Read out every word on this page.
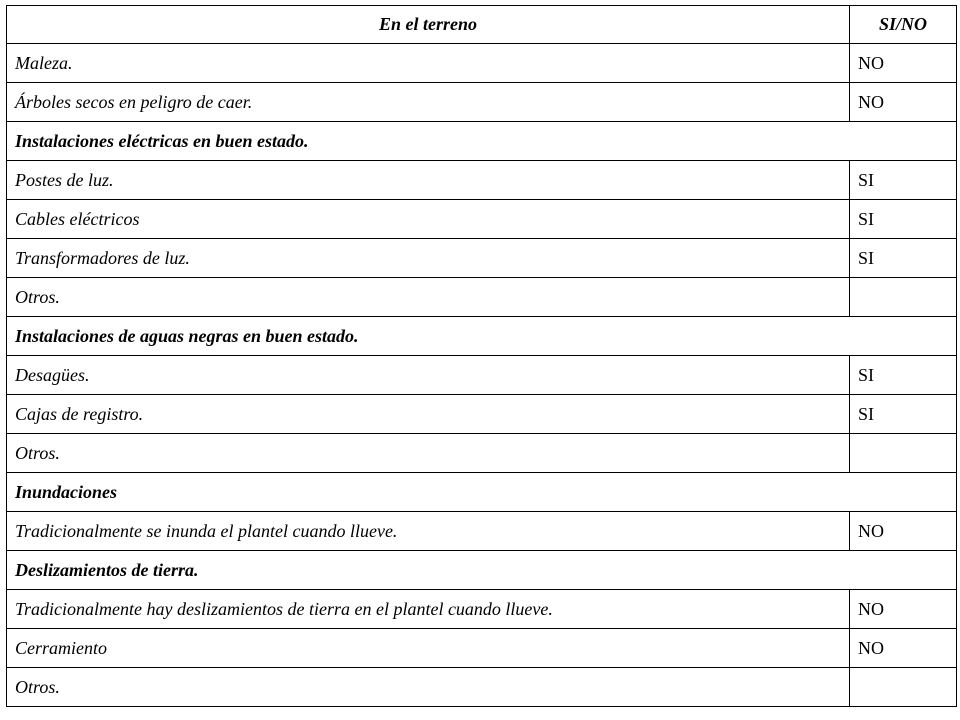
En el terreno	SI/NO
Maleza.	NO
Árboles secos en peligro de caer.	NO
Instalaciones eléctricas en buen estado.	
Postes de luz.	SI
Cables eléctricos	SI
Transformadores de luz.	SI
Otros.	
Instalaciones de aguas negras en buen estado.	
Desagües.	SI
Cajas de registro.	SI
Otros.	
Inundaciones	
Tradicionalmente se inunda el plantel cuando llueve.	NO
Deslizamientos de tierra.	
Tradicionalmente hay deslizamientos de tierra en el plantel cuando llueve.	NO
Cerramiento	NO
Otros.	
